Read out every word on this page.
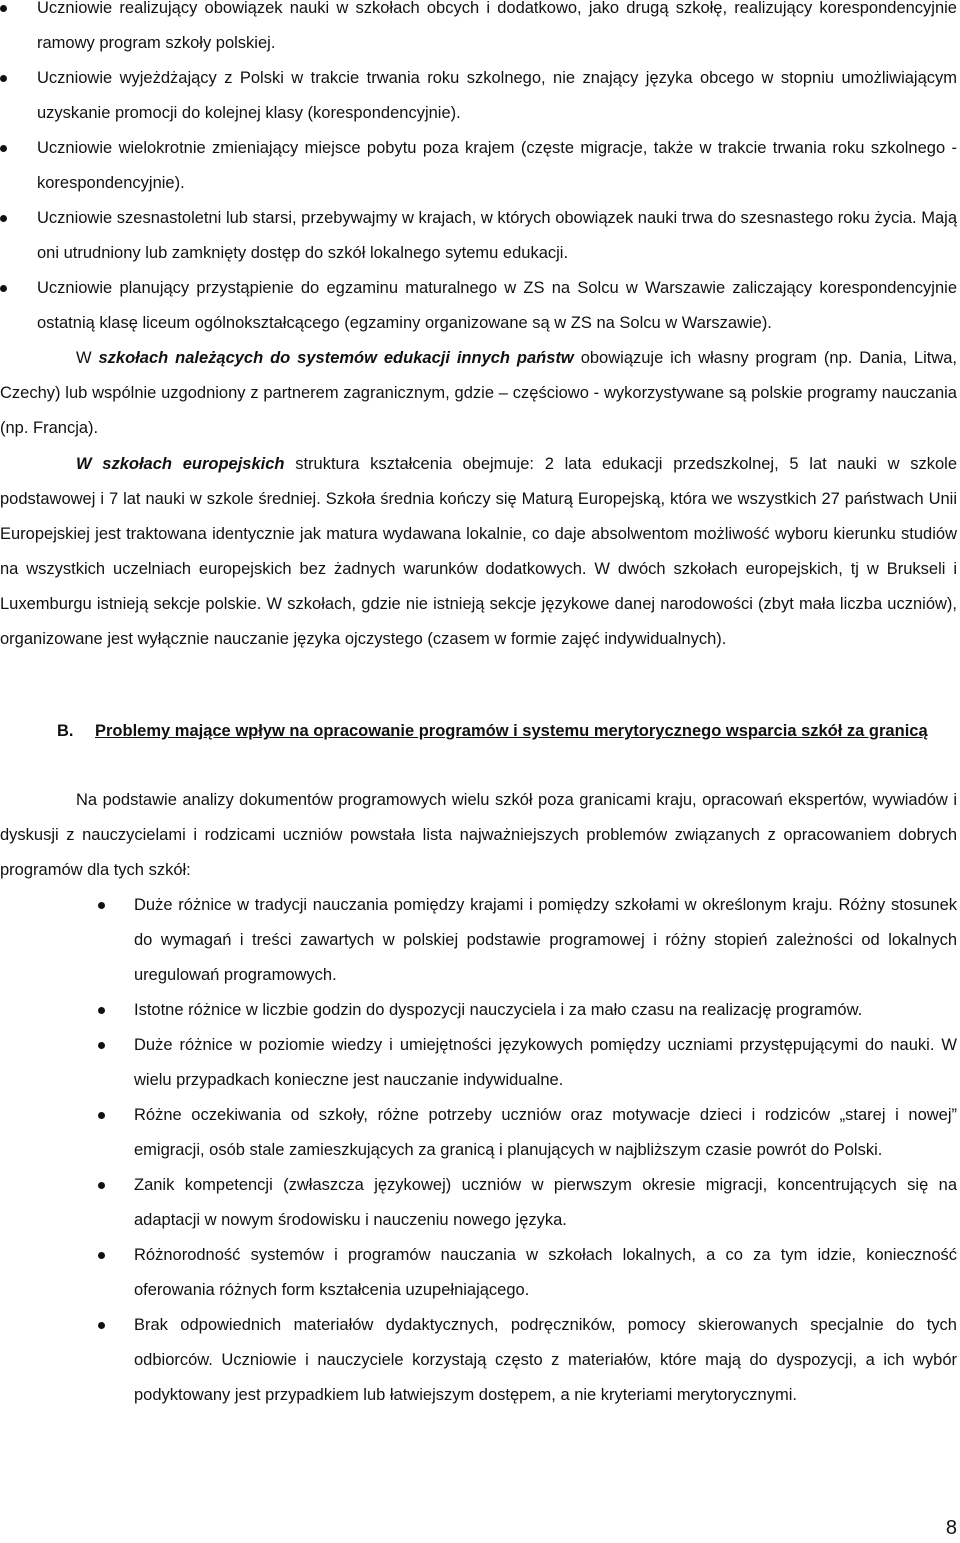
Uczniowie realizujący obowiązek nauki w szkołach obcych i dodatkowo, jako drugą szkołę, realizujący korespondencyjnie ramowy program szkoły polskiej.
Uczniowie wyjeżdżający z Polski w trakcie trwania roku szkolnego, nie znający języka obcego w stopniu umożliwiającym uzyskanie promocji do kolejnej klasy (korespondencyjnie).
Uczniowie wielokrotnie zmieniający miejsce pobytu poza krajem (częste migracje, także w trakcie trwania roku szkolnego - korespondencyjnie).
Uczniowie szesnastoletni lub starsi, przebywajmy w krajach, w których obowiązek nauki trwa do szesnastego roku życia. Mają oni utrudniony lub zamknięty dostęp do szkół lokalnego sytemu edukacji.
Uczniowie planujący przystąpienie do egzaminu maturalnego w ZS na Solcu w Warszawie zaliczający korespondencyjnie ostatnią klasę liceum ogólnokształcącego (egzaminy organizowane są w ZS na Solcu w Warszawie).

W szkołach należących do systemów edukacji innych państw obowiązuje ich własny program (np. Dania, Litwa, Czechy) lub wspólnie uzgodniony z partnerem zagranicznym, gdzie – częściowo - wykorzystywane są polskie programy nauczania (np. Francja).

W szkołach europejskich struktura kształcenia obejmuje: 2 lata edukacji przedszkolnej, 5 lat nauki w szkole podstawowej i 7 lat nauki w szkole średniej. Szkoła średnia kończy się Maturą Europejską, która we wszystkich 27 państwach Unii Europejskiej jest traktowana identycznie jak matura wydawana lokalnie, co daje absolwentom możliwość wyboru kierunku studiów na wszystkich uczelniach europejskich bez żadnych warunków dodatkowych. W dwóch szkołach europejskich, tj w Brukseli i Luxemburgu istnieją sekcje polskie. W szkołach, gdzie nie istnieją sekcje językowe danej narodowości (zbyt mała liczba uczniów), organizowane jest wyłącznie nauczanie języka ojczystego (czasem w formie zajęć indywidualnych).

B. Problemy mające wpływ na opracowanie programów i systemu merytorycznego wsparcia szkół za granicą

Na podstawie analizy dokumentów programowych wielu szkół poza granicami kraju, opracowań ekspertów, wywiadów i dyskusji z nauczycielami i rodzicami uczniów powstała lista najważniejszych problemów związanych z opracowaniem dobrych programów dla tych szkół:

Duże różnice w tradycji nauczania pomiędzy krajami i pomiędzy szkołami w określonym kraju. Różny stosunek do wymagań i treści zawartych w polskiej podstawie programowej i różny stopień zależności od lokalnych uregulowań programowych.
Istotne różnice w liczbie godzin do dyspozycji nauczyciela i za mało czasu na realizację programów.
Duże różnice w poziomie wiedzy i umiejętności językowych pomiędzy uczniami przystępującymi do nauki. W wielu przypadkach konieczne jest nauczanie indywidualne.
Różne oczekiwania od szkoły, różne potrzeby uczniów oraz motywacje dzieci i rodziców „starej i nowej” emigracji, osób stale zamieszkujących za granicą i planujących w najbliższym czasie powrót do Polski.
Zanik kompetencji (zwłaszcza językowej) uczniów w pierwszym okresie migracji, koncentrujących się na adaptacji w nowym środowisku i nauczeniu nowego języka.
Różnorodność systemów i programów nauczania w szkołach lokalnych, a co za tym idzie, konieczność oferowania różnych form kształcenia uzupełniającego.
Brak odpowiednich materiałów dydaktycznych, podręczników, pomocy skierowanych specjalnie do tych odbiorców. Uczniowie i nauczyciele korzystają często z materiałów, które mają do dyspozycji, a ich wybór podyktowany jest przypadkiem lub łatwiejszym dostępem, a nie kryteriami merytorycznymi.
8
